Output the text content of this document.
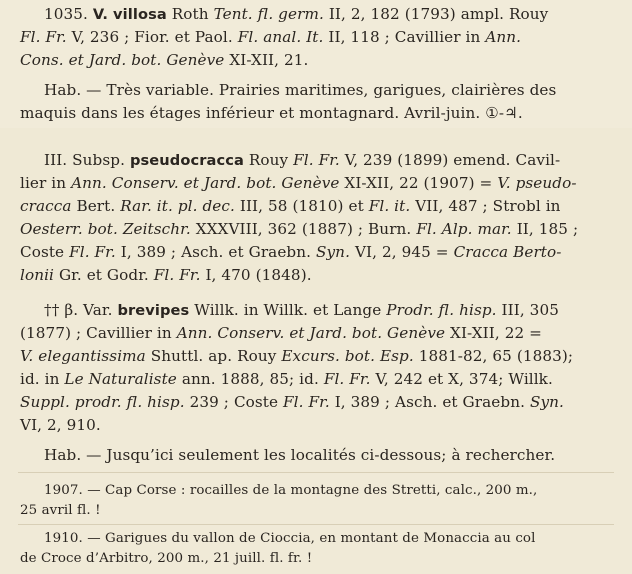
1035. V. villosa Roth Tent. fl. germ. II, 2, 182 (1793) ampl. Rouy
Fl. Fr. V, 236 ; Fior. et Paol. Fl. anal. It. II, 118 ; Cavillier in Ann.
Cons. et Jard. bot. Genève XI-XII, 21.
Hab. — Très variable. Prairies maritimes, garigues, clairières des
maquis dans les étages inférieur et montagnard. Avril-juin. ①-♃.
III. Subsp. pseudocracca Rouy Fl. Fr. V, 239 (1899) emend. Cavil-
lier in Ann. Conserv. et Jard. bot. Genève XI-XII, 22 (1907) = V. pseudo-
cracca Bert. Rar. it. pl. dec. III, 58 (1810) et Fl. it. VII, 487 ; Strobl in
Oesterr. bot. Zeitschr. XXXVIII, 362 (1887) ; Burn. Fl. Alp. mar. II, 185 ;
Coste Fl. Fr. I, 389 ; Asch. et Graebn. Syn. VI, 2, 945 = Cracca Berto-
lonii Gr. et Godr. Fl. Fr. I, 470 (1848).
†† β. Var. brevipes Willk. in Willk. et Lange Prodr. fl. hisp. III, 305
(1877) ; Cavillier in Ann. Conserv. et Jard. bot. Genève XI-XII, 22 =
V. elegantissima Shuttl. ap. Rouy Excurs. bot. Esp. 1881-82, 65 (1883);
id. in Le Naturaliste ann. 1888, 85; id. Fl. Fr. V, 242 et X, 374; Willk.
Suppl. prodr. fl. hisp. 239 ; Coste Fl. Fr. I, 389 ; Asch. et Graebn. Syn.
VI, 2, 910.
Hab. — Jusqu’ici seulement les localités ci-dessous; à rechercher.
1907. — Cap Corse : rocailles de la montagne des Stretti, calc., 200 m.,
25 avril fl. !
1910. — Garigues du vallon de Cioccia, en montant de Monaccia au col
de Croce d’Arbitro, 200 m., 21 juill. fl. fr. !
